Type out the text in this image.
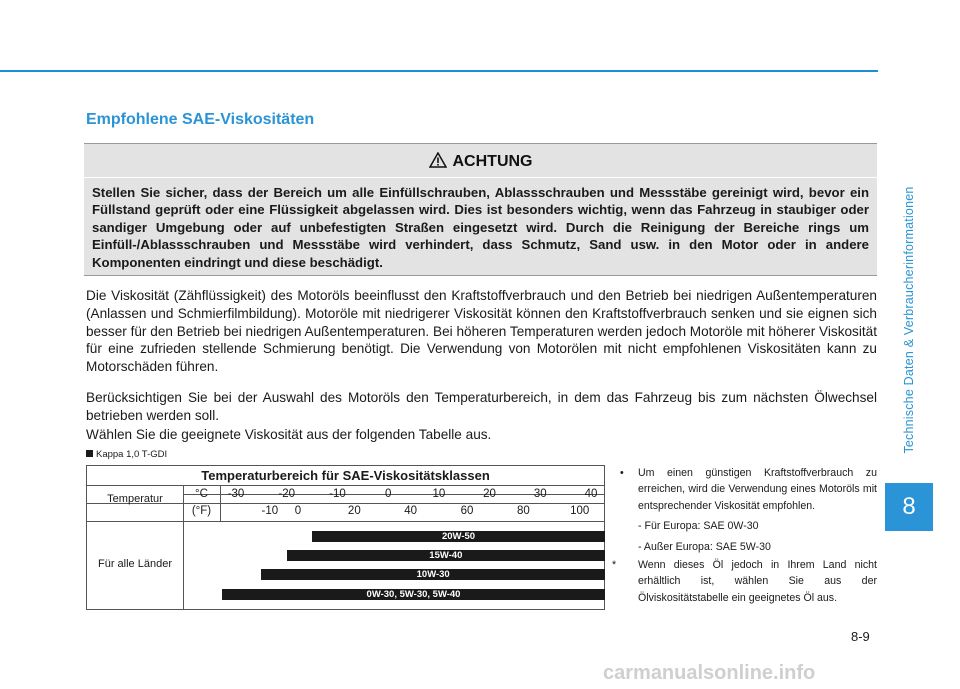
Technische Daten & Verbraucherinformationen
8
Empfohlene SAE-Viskositäten
ACHTUNG
Stellen Sie sicher, dass der Bereich um alle Einfüllschrauben, Ablassschrauben und Messstäbe gereinigt wird, bevor ein Füllstand geprüft oder eine Flüssigkeit abgelassen wird. Dies ist besonders wichtig, wenn das Fahrzeug in staubiger oder sandiger Umgebung oder auf unbefestigten Straßen eingesetzt wird. Durch die Reinigung der Bereiche rings um Einfüll-/Ablassschrauben und Messstäbe wird verhindert, dass Schmutz, Sand usw. in den Motor oder in andere Komponenten eindringt und diese beschädigt.
Die Viskosität (Zähflüssigkeit) des Motoröls beeinflusst den Kraftstoffverbrauch und den Betrieb bei niedrigen Außentemperaturen (Anlassen und Schmierfilmbildung). Motoröle mit niedrigerer Viskosität können den Kraftstoffverbrauch senken und sie eignen sich besser für den Betrieb bei niedrigen Außentemperaturen. Bei höheren Temperaturen werden jedoch Motoröle mit höherer Viskosität für eine zufrieden stellende Schmierung benötigt. Die Verwendung von Motorölen mit nicht empfohlenen Viskositäten kann zu Motorschäden führen.
Berücksichtigen Sie bei der Auswahl des Motoröls den Temperaturbereich, in dem das Fahrzeug bis zum nächsten Ölwechsel betrieben werden soll.
Wählen Sie die geeignete Viskosität aus der folgenden Tabelle aus.
Kappa 1,0 T-GDI
Temperaturbereich für SAE-Viskositätsklassen
Temperatur
Für alle Länder
°C
(°F)
-30	-20	-10	0	10	20	30	40
-10 0	20	40	60	80	100
20W-50
15W-40
10W-30
0W-30, 5W-30, 5W-40
• Um einen günstigen Kraftstoffverbrauch zu erreichen, wird die Verwendung eines Motoröls mit entsprechender Viskosität empfohlen.
- Für Europa: SAE 0W-30
- Außer Europa: SAE 5W-30
* Wenn dieses Öl jedoch in Ihrem Land nicht erhältlich ist, wählen Sie aus der Ölviskositätstabelle ein geeignetes Öl aus.
8-9
carmanualsonline.info
